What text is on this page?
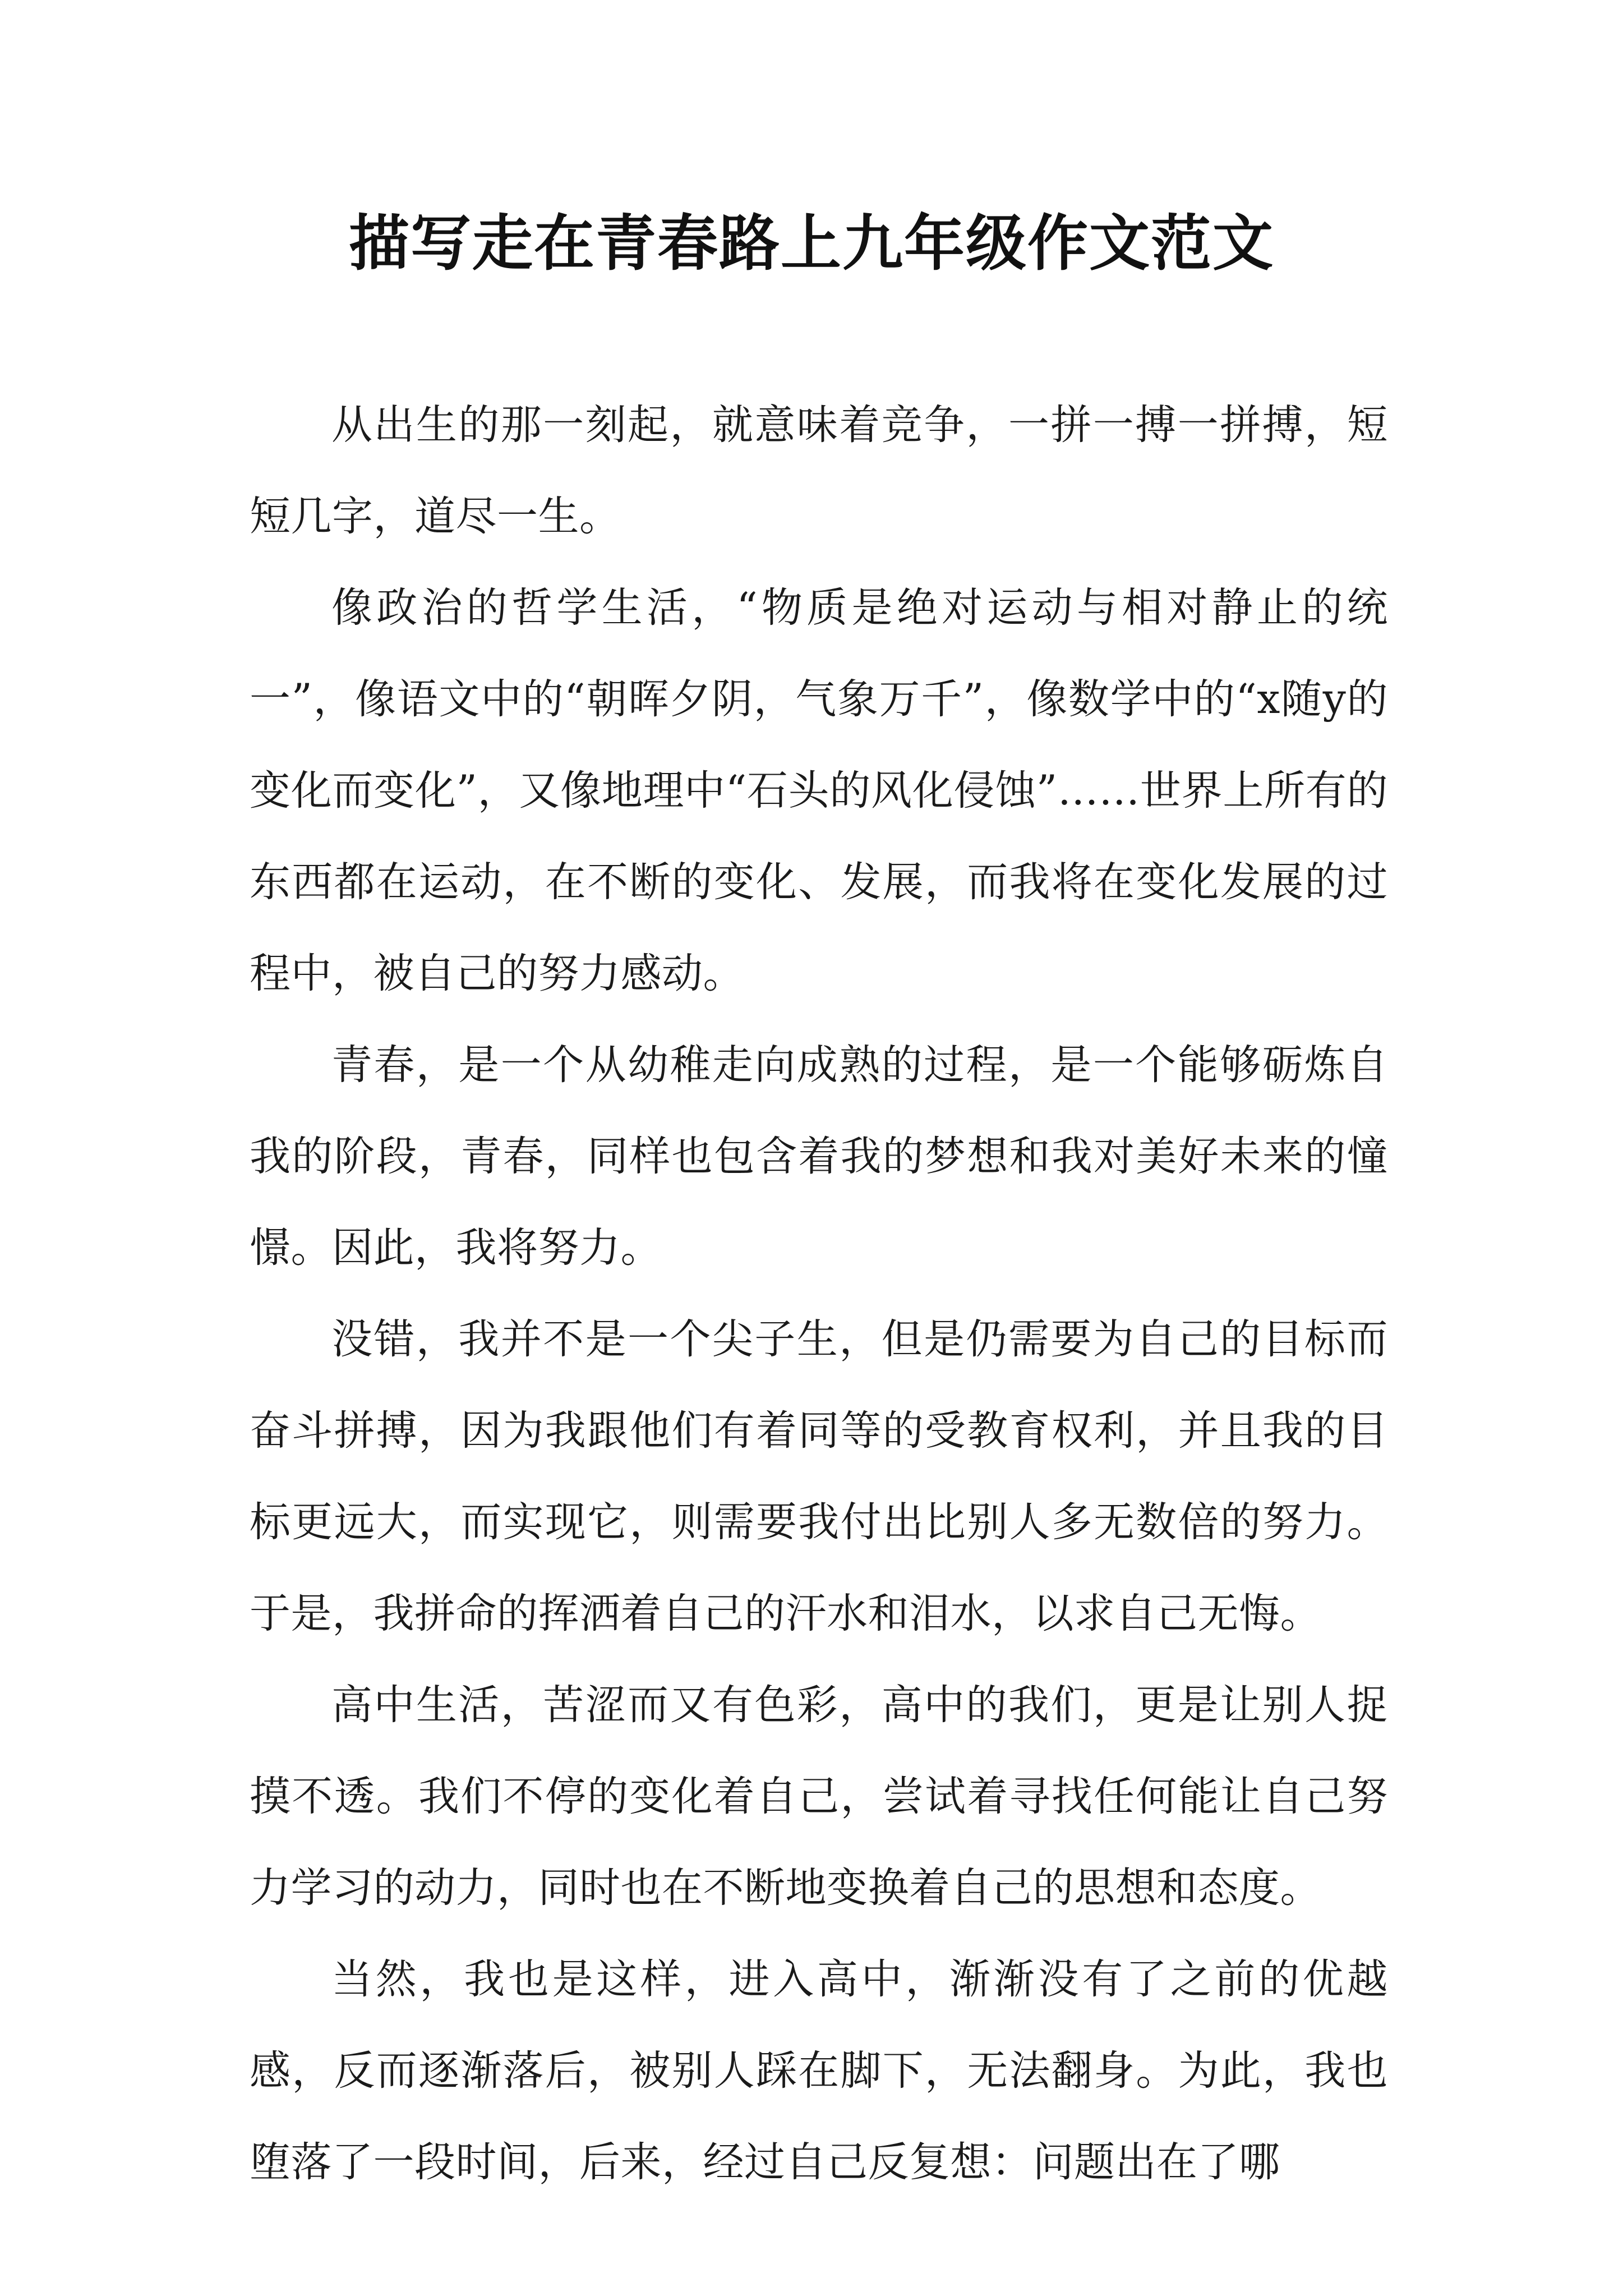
描写走在青春路上九年级作文范文

从出生的那一刻起，就意味着竞争，一拼一搏一拼搏，短短几字，道尽一生。

像政治的哲学生活，“物质是绝对运动与相对静止的统一”，像语文中的“朝晖夕阴，气象万千”，像数学中的“x随y的变化而变化”，又像地理中“石头的风化侵蚀”……世界上所有的东西都在运动，在不断的变化、发展，而我将在变化发展的过程中，被自己的努力感动。

青春，是一个从幼稚走向成熟的过程，是一个能够砺炼自我的阶段，青春，同样也包含着我的梦想和我对美好未来的憧憬。因此，我将努力。

没错，我并不是一个尖子生，但是仍需要为自己的目标而奋斗拼搏，因为我跟他们有着同等的受教育权利，并且我的目标更远大，而实现它，则需要我付出比别人多无数倍的努力。于是，我拼命的挥洒着自己的汗水和泪水，以求自己无悔。

高中生活，苦涩而又有色彩，高中的我们，更是让别人捉摸不透。我们不停的变化着自己，尝试着寻找任何能让自己努力学习的动力，同时也在不断地变换着自己的思想和态度。

当然，我也是这样，进入高中，渐渐没有了之前的优越感，反而逐渐落后，被别人踩在脚下，无法翻身。为此，我也堕落了一段时间，后来，经过自己反复想：问题出在了哪
